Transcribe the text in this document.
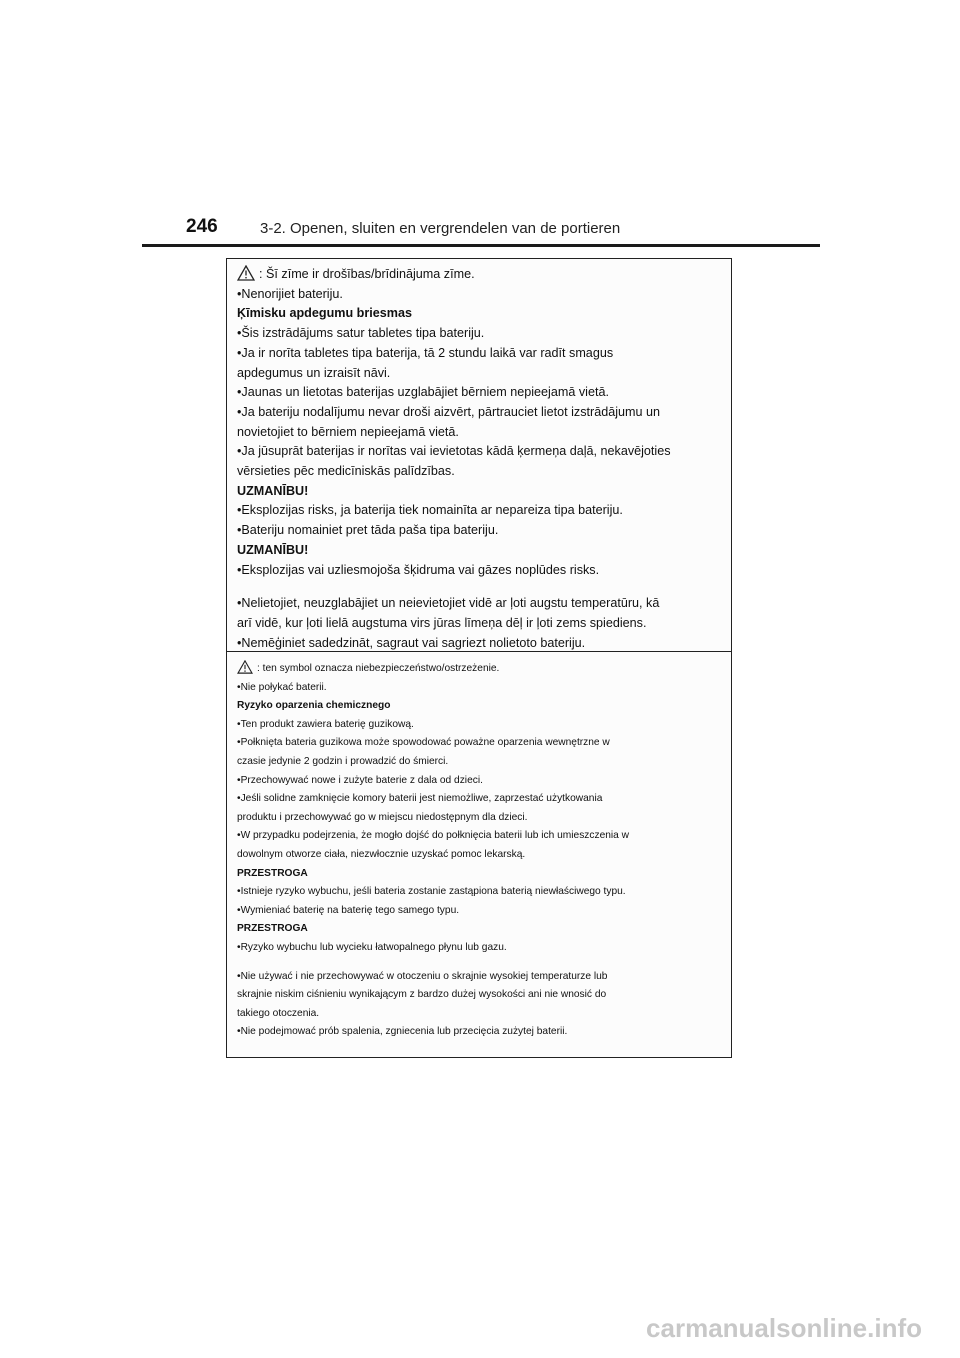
246	3-2. Openen, sluiten en vergrendelen van de portieren
: Šī zīme ir drošības/brīdinājuma zīme.
•Nenorijiet bateriju.
Ķīmisku apdegumu briesmas
•Šis izstrādājums satur tabletes tipa bateriju.
•Ja ir norīta tabletes tipa baterija, tā 2 stundu laikā var radīt smagus
apdegumus un izraisīt nāvi.
•Jaunas un lietotas baterijas uzglabājiet bērniem nepieejamā vietā.
•Ja bateriju nodalījumu nevar droši aizvērt, pārtrauciet lietot izstrādājumu un
novietojiet to bērniem nepieejamā vietā.
•Ja jūsuprāt baterijas ir norītas vai ievietotas kādā ķermeņa daļā, nekavējoties
vērsieties pēc medicīniskās palīdzības.
UZMANĪBU!
•Eksplozijas risks, ja baterija tiek nomainīta ar nepareiza tipa bateriju.
•Bateriju nomainiet pret tāda paša tipa bateriju.
UZMANĪBU!
•Eksplozijas vai uzliesmojoša šķidruma vai gāzes noplūdes risks.
•Nelietojiet, neuzglabājiet un neievietojiet vidē ar ļoti augstu temperatūru, kā
arī vidē, kur ļoti lielā augstuma virs jūras līmeņa dēļ ir ļoti zems spiediens.
•Nemēģiniet sadedzināt, sagraut vai sagriezt nolietoto bateriju.
: ten symbol oznacza niebezpieczeństwo/ostrzeżenie.
•Nie połykać baterii.
Ryzyko oparzenia chemicznego
•Ten produkt zawiera baterię guzikową.
•Połknięta bateria guzikowa może spowodować poważne oparzenia wewnętrzne w
czasie jedynie 2 godzin i prowadzić do śmierci.
•Przechowywać nowe i zużyte baterie z dala od dzieci.
•Jeśli solidne zamknięcie komory baterii jest niemożliwe, zaprzestać użytkowania
produktu i przechowywać go w miejscu niedostępnym dla dzieci.
•W przypadku podejrzenia, że mogło dojść do połknięcia baterii lub ich umieszczenia w
dowolnym otworze ciała, niezwłocznie uzyskać pomoc lekarską.
PRZESTROGA
•Istnieje ryzyko wybuchu, jeśli bateria zostanie zastąpiona baterią niewłaściwego typu.
•Wymieniać baterię na baterię tego samego typu.
PRZESTROGA
•Ryzyko wybuchu lub wycieku łatwopalnego płynu lub gazu.
•Nie używać i nie przechowywać w otoczeniu o skrajnie wysokiej temperaturze lub
skrajnie niskim ciśnieniu wynikającym z bardzo dużej wysokości ani nie wnosić do
takiego otoczenia.
•Nie podejmować prób spalenia, zgniecenia lub przecięcia zużytej baterii.
carmanualsonline.info
